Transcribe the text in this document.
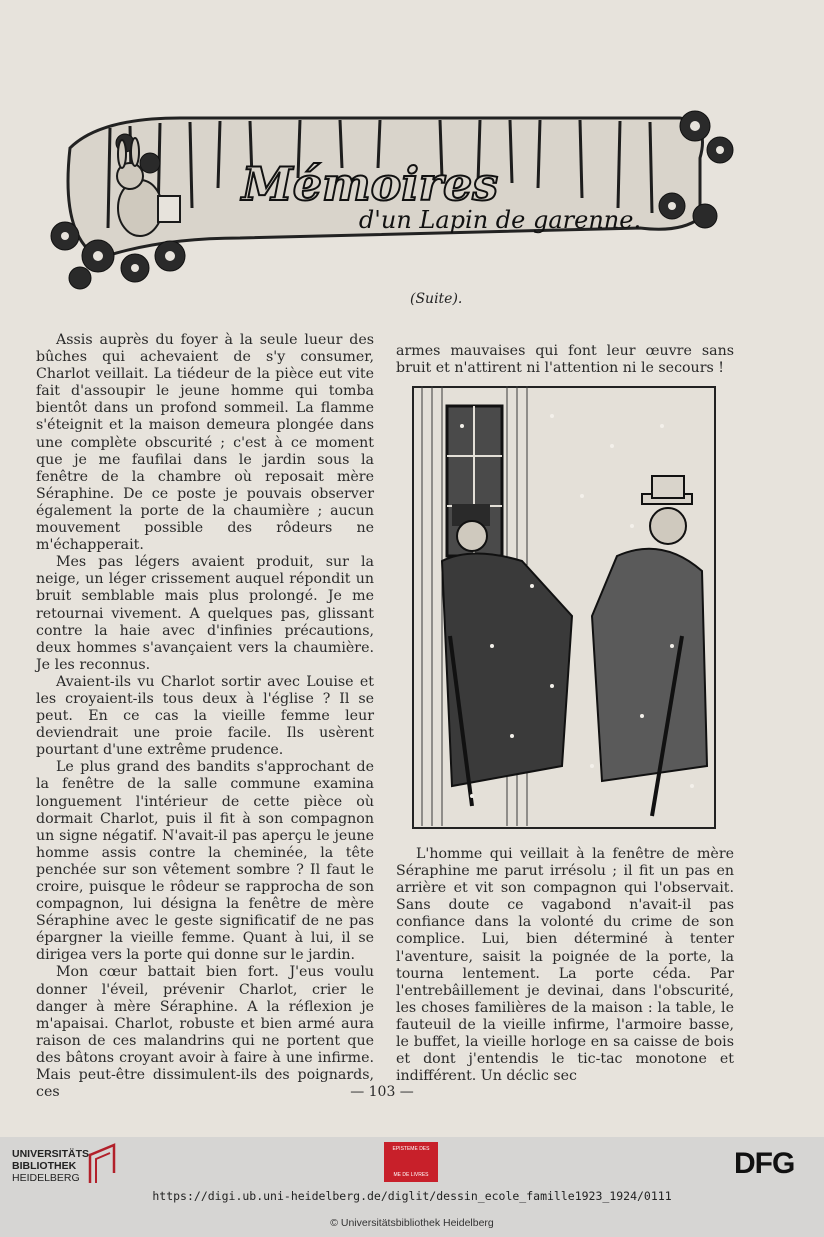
Mémoires
d'un Lapin de garenne.
(Suite).

Assis auprès du foyer à la seule lueur des bûches qui achevaient de s'y consumer, Charlot veillait. La tiédeur de la pièce eut vite fait d'assoupir le jeune homme qui tomba bientôt dans un profond sommeil. La flamme s'éteignit et la maison demeura plongée dans une complète obscurité ; c'est à ce moment que je me faufilai dans le jardin sous la fenêtre de la chambre où reposait mère Séraphine. De ce poste je pouvais observer également la porte de la chaumière ; aucun mouvement possible des rôdeurs ne m'échapperait.

Mes pas légers avaient produit, sur la neige, un léger crissement auquel répondit un bruit semblable mais plus prolongé. Je me retournai vivement. A quelques pas, glissant contre la haie avec d'infinies précautions, deux hommes s'avançaient vers la chaumière. Je les reconnus.

Avaient-ils vu Charlot sortir avec Louise et les croyaient-ils tous deux à l'église ? Il se peut. En ce cas la vieille femme leur deviendrait une proie facile. Ils usèrent pourtant d'une extrême prudence.

Le plus grand des bandits s'approchant de la fenêtre de la salle commune examina longuement l'intérieur de cette pièce où dormait Charlot, puis il fit à son compagnon un signe négatif. N'avait-il pas aperçu le jeune homme assis contre la cheminée, la tête penchée sur son vêtement sombre ? Il faut le croire, puisque le rôdeur se rapprocha de son compagnon, lui désigna la fenêtre de mère Séraphine avec le geste significatif de ne pas épargner la vieille femme. Quant à lui, il se dirigea vers la porte qui donne sur le jardin.

Mon cœur battait bien fort. J'eus voulu donner l'éveil, prévenir Charlot, crier le danger à mère Séraphine. A la réflexion je m'apaisai. Charlot, robuste et bien armé aura raison de ces malandrins qui ne portent que des bâtons croyant avoir à faire à une infirme. Mais peut-être dissimulent-ils des poignards, ces

armes mauvaises qui font leur œuvre sans bruit et n'attirent ni l'attention ni le secours !

L'homme qui veillait à la fenêtre de mère Séraphine me parut irrésolu ; il fit un pas en arrière et vit son compagnon qui l'observait. Sans doute ce vagabond n'avait-il pas confiance dans la volonté du crime de son complice. Lui, bien déterminé à tenter l'aventure, saisit la poignée de la porte, la tourna lentement. La porte céda. Par l'entrebâillement je devinai, dans l'obscurité, les choses familières de la maison : la table, le fauteuil de la vieille infirme, l'armoire basse, le buffet, la vieille horloge en sa caisse de bois et dont j'entendis le tic-tac monotone et indifférent. Un déclic sec

— 103 —
UNIVERSITÄTS-
BIBLIOTHEK
HEIDELBERG
EPISTEME DES
ME DE LIVRES	DFG
https://digi.ub.uni-heidelberg.de/diglit/dessin_ecole_famille1923_1924/0111
© Universitätsbibliothek Heidelberg
